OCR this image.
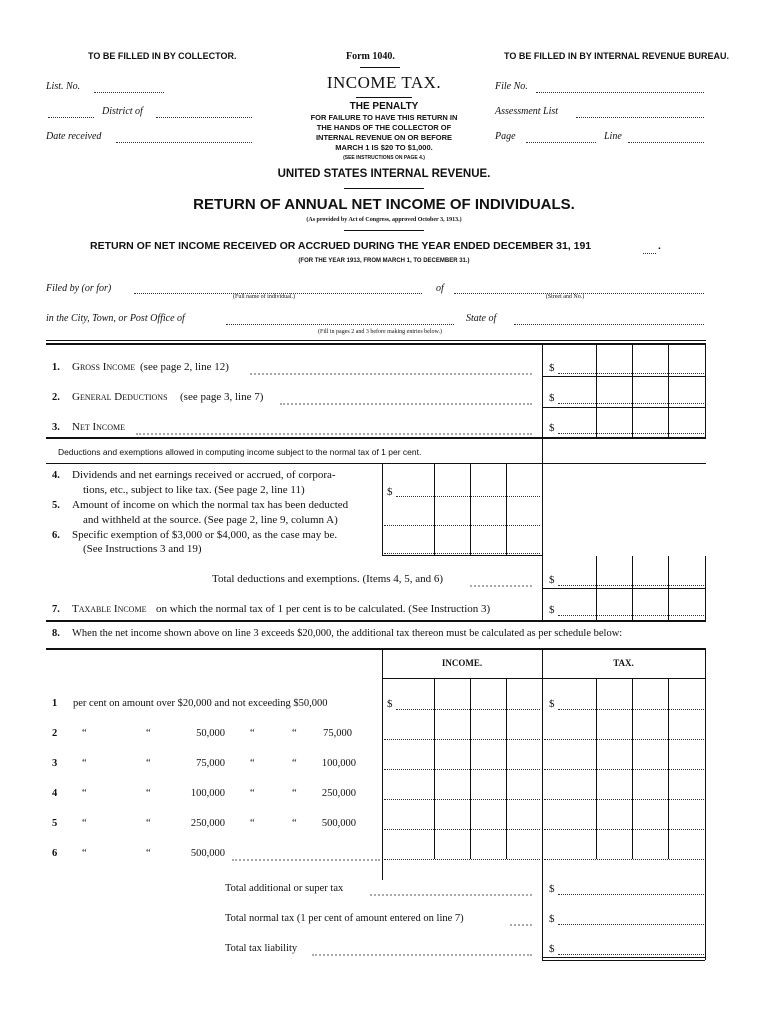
TO BE FILLED IN BY COLLECTOR.	Form 1040.	TO BE FILLED IN BY INTERNAL REVENUE BUREAU.
INCOME TAX.
THE PENALTY
FOR FAILURE TO HAVE THIS RETURN IN
THE HANDS OF THE COLLECTOR OF
INTERNAL REVENUE ON OR BEFORE
MARCH 1 IS $20 TO $1,000.
(SEE INSTRUCTIONS ON PAGE 4.)
List. No.
District of
Date received
File No.
Assessment List
Page	Line
UNITED STATES INTERNAL REVENUE.
RETURN OF ANNUAL NET INCOME OF INDIVIDUALS.
(As provided by Act of Congress, approved October 3, 1913.)
RETURN OF NET INCOME RECEIVED OR ACCRUED DURING THE YEAR ENDED DECEMBER 31, 191	.
(FOR THE YEAR 1913, FROM MARCH 1, TO DECEMBER 31.)
Filed by (or for)	of
(Full name of individual.)	(Street and No.)
in the City, Town, or Post Office of	State of
(Fill in pages 2 and 3 before making entries below.)
1. Gross Income (see page 2, line 12)	$
2. General Deductions (see page 3, line 7)	$
3. Net Income	$
Deductions and exemptions allowed in computing income subject to the normal tax of 1 per cent.
4. Dividends and net earnings received or accrued, of corpora-
tions, etc., subject to like tax. (See page 2, line 11)	$
5. Amount of income on which the normal tax has been deducted
and withheld at the source. (See page 2, line 9, column A)
6. Specific exemption of $3,000 or $4,000, as the case may be.
(See Instructions 3 and 19)
Total deductions and exemptions. (Items 4, 5, and 6)	$
7. Taxable Income on which the normal tax of 1 per cent is to be calculated. (See Instruction 3)	$
8. When the net income shown above on line 3 exceeds $20,000, the additional tax thereon must be calculated as per schedule below:
INCOME.	TAX.
1 per cent on amount over $20,000 and not exceeding $50,000	$	$
2 “	“	50,000 “	“	75,000
3 “	“	75,000 “	“	100,000
4 “	“	100,000 “	“	250,000
5 “	“	250,000 “	“	500,000
6 “	“	500,000
Total additional or super tax	$
Total normal tax (1 per cent of amount entered on line 7)	$
Total tax liability	$
